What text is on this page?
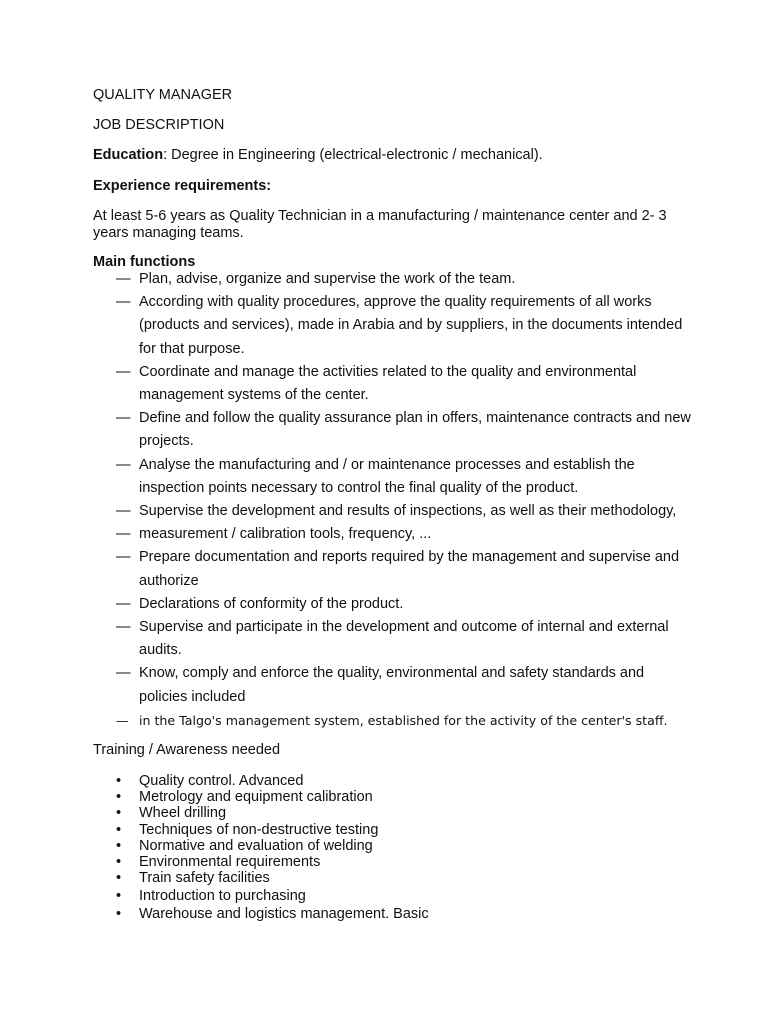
QUALITY MANAGER

JOB DESCRIPTION

Education: Degree in Engineering (electrical-electronic / mechanical).

Experience requirements:

At least 5-6 years as Quality Technician in a manufacturing / maintenance center and 2- 3 years managing teams.

Main functions

— Plan, advise, organize and supervise the work of the team.
— According with quality procedures, approve the quality requirements of all works (products and services), made in Arabia and by suppliers, in the documents intended for that purpose.
— Coordinate and manage the activities related to the quality and environmental management systems of the center.
— Define and follow the quality assurance plan in offers, maintenance contracts and new projects.
— Analyse the manufacturing and / or maintenance processes and establish the inspection points necessary to control the final quality of the product.
— Supervise the development and results of inspections, as well as their methodology,
— measurement / calibration tools, frequency, ...
— Prepare documentation and reports required by the management and supervise and authorize
— Declarations of conformity of the product.
— Supervise and participate in the development and outcome of internal and external audits.
— Know, comply and enforce the quality, environmental and safety standards and policies included
— in the Talgo's management system, established for the activity of the center's staff.

Training / Awareness needed

• Quality control. Advanced
• Metrology and equipment calibration
• Wheel drilling
• Techniques of non-destructive testing
• Normative and evaluation of welding
• Environmental requirements
• Train safety facilities
• Introduction to purchasing
• Warehouse and logistics management. Basic
